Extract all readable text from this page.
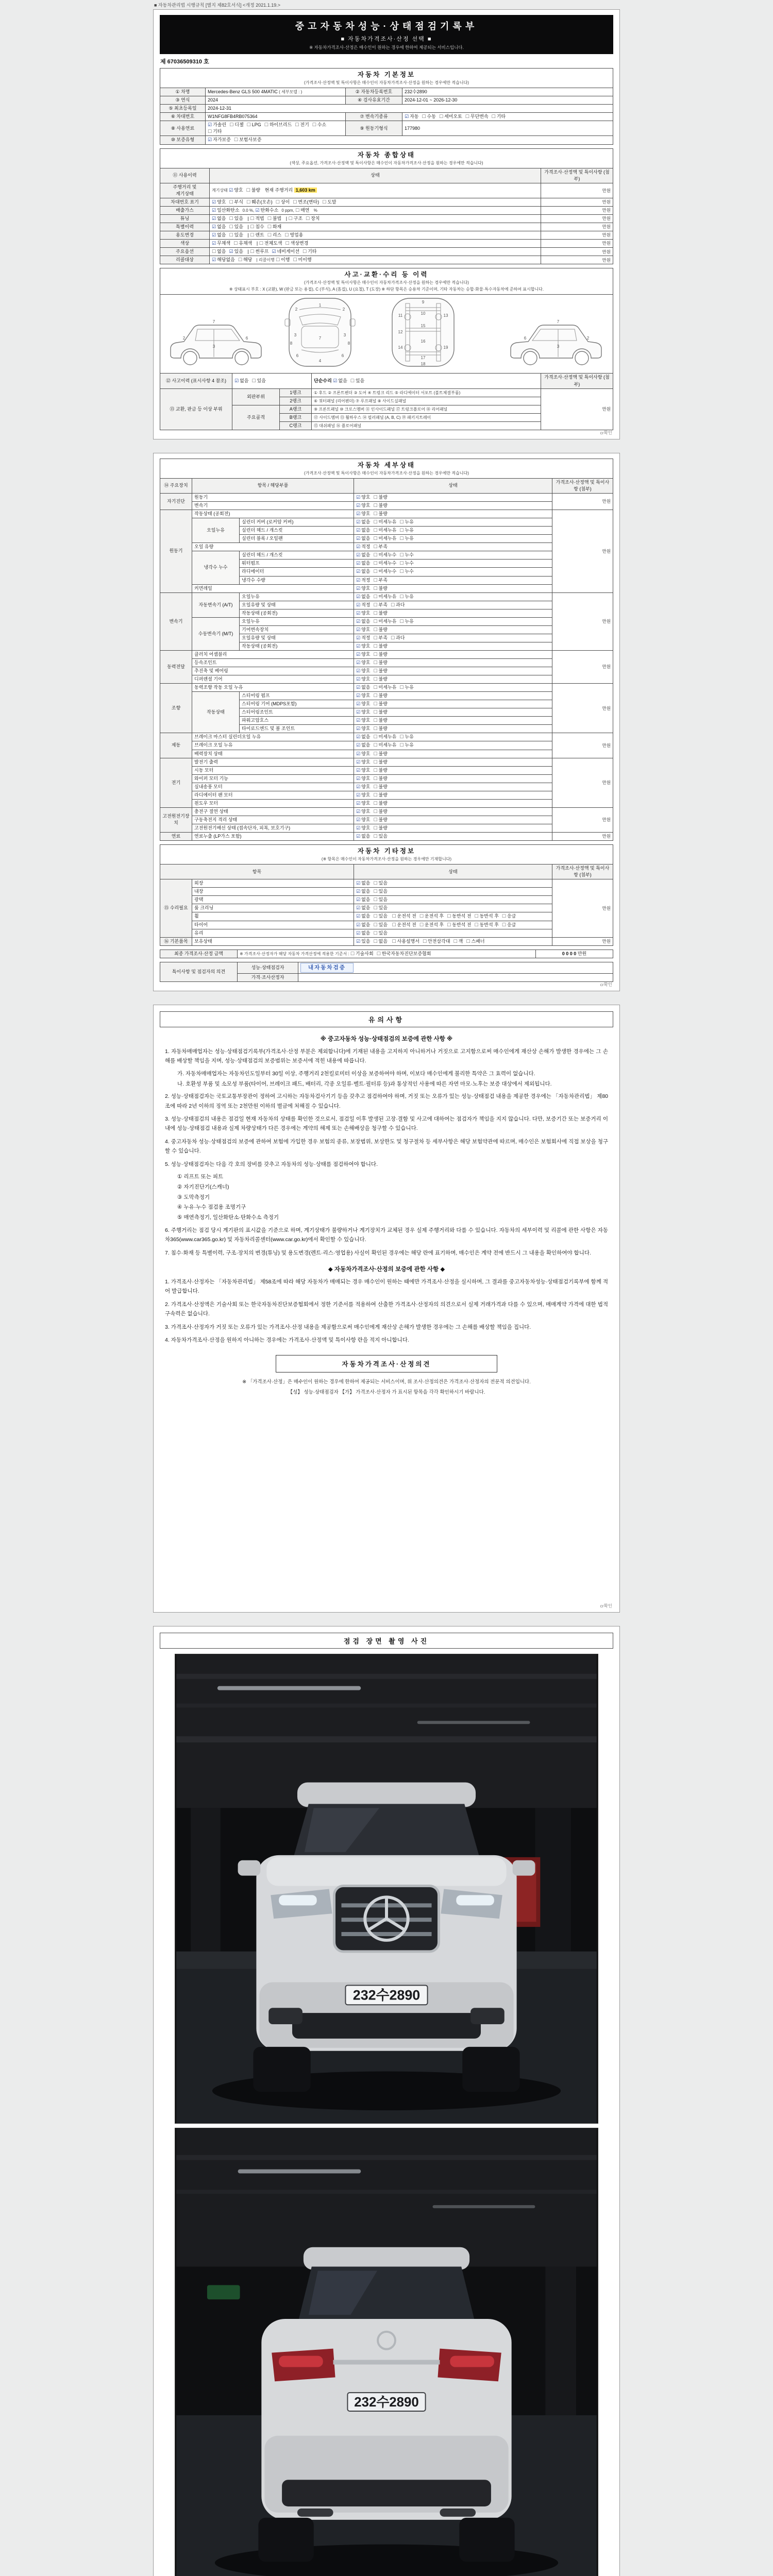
■ 자동차관리법 시행규칙 [별지 제82호서식] <개정 2021.1.19.>
중고자동차성능·상태점검기록부
■ 자동차가격조사·산정 선택 ■
※ 자동차가격조사·산정은 매수인이 원하는 경우에 한하여 제공되는 서비스입니다.
제 67036509310 호
자동차 기본정보
(가격조사·산정액 및 특이사항은 매수인이 자동차가격조사·산정을 원하는 경우에만 적습니다)			

① 차명	Mercedes-Benz GLS 500 4MATIC ( 세부모델 : )	② 자동차등록번호	232수2890

③ 연식	2024	④ 검사유효기간	2024-12-01 ~ 2026-12-30

⑤ 최초등록일	2024-12-31		

⑥ 차대번호	W1NFG8FB4RB075364	⑦ 변속기종류	☑ 자동 ☐ 수동 ☐ 세미오토 ☐ 무단변속 ☐ 기타

⑧ 사용연료	☑ 가솔린 ☐ 디젤 ☐ LPG ☐ 하이브리드 ☐ 전기 ☐ 수소☐ 기타	⑨ 원동기형식	177980

⑩ 보증유형	☑ 자가보증 ☐ 보험사보증		
자동차 종합상태
(색상, 주요옵션, 가격조사·산정액 및 특이사항은 매수인이 자동차가격조사·산정을 원하는 경우에만 적습니다)		

⑪ 사용이력	상태	가격조사·산정액 및 특이사항 (첨부)

주행거리 및
계기상태	계기상태 ☑ 양호 ☐ 불량 현재 주행거리 1,603 km	만원

차대번호 표기	☑ 양호 ☐ 부식 ☐ 훼손(오손) ☐ 상이 ☐ 변조(변타) ☐ 도말	만원

배출가스	☑ 일산화탄소 0.0 %, ☑ 탄화수소 0 ppm, ☐ 매연 %	만원

튜닝	☑ 없음 ☐ 있음 | ☐ 적법 ☐ 불법 | ☐ 구조 ☐ 장치	만원

특별이력	☑ 없음 ☐ 있음 | ☐ 침수 ☐ 화재	만원

용도변경	☑ 없음 ☐ 있음 | ☐ 렌트 ☐ 리스 ☐ 영업용	만원

색상	☑ 무채색 ☐ 유채색 | ☐ 전체도색 ☐ 색상변경	만원

주요옵션	☐ 없음 ☑ 있음 | ☐ 썬루프 ☑ 네비게이션 ☐ 기타	만원

리콜대상	☑ 해당없음 ☐ 해당 | 리콜이행 ☐ 이행 ☐ 미이행	만원
사고·교환·수리 등 이력
(가격조사·산정액 및 특이사항은 매수인이 자동차가격조사·산정을 원하는 경우에만 적습니다)
※ 상태표시 부호 : X (교환), W (판금 또는 용접), C (부식), A (흠집), U (요철), T (도장) ※ 하단 항목은 승용차 기준이며, 기타 자동차는 승합·화물·특수자동차에 준하여 표시합니다.				

2
3
7
6
1
2	2
3	3
7
6	6
4
8	8
9
10
11
12
13
14
15
16
17
18
19
2
3
7
6

⑫ 사고이력 (표시사항 4 참조)	☑ 없음 ☐ 있음		단순수리 ☑ 없음 ☐ 있음	가격조사·산정액 및 특이사항 (첨부)

⑬ 교환, 판금 등 이상 부위	외판부위	1랭크	① 후드 ② 프론트펜더 ③ 도어 ④ 트렁크 리드 ⑤ 라디에이터 서포트 (볼트체결부품)	만원

		2랭크	⑥ 쿼터패널 (리어펜더) ⑦ 루프패널 ⑧ 사이드실패널	

	주요골격	A랭크	⑨ 프론트패널 ⑩ 크로스멤버 ⑪ 인사이드패널 ⑰ 트렁크플로어 ⑱ 리어패널	

		B랭크	⑫ 사이드멤버 ⑬ 휠하우스 ⑭ 필러패널 (A, B, C) ⑲ 패키지트레이	

		C랭크	⑮ 대쉬패널 ⑯ 플로어패널	
cr확인
자동차 세부상태
(가격조사·산정액 및 특이사항은 매수인이 자동차가격조사·산정을 원하는 경우에만 적습니다)				

⑭ 주요장치	항목 / 해당부품		상태	가격조사·산정액 및 특이사항 (첨부)

자기진단	원동기		☑ 양호 ☐ 불량	만원

	변속기		☑ 양호 ☐ 불량	

원동기	작동상태 (공회전)		☑ 양호 ☐ 불량	만원

	오일누유	실린더 커버 (로커암 커버)	☑ 없음 ☐ 미세누유 ☐ 누유	

		실린더 헤드 / 개스킷	☑ 없음 ☐ 미세누유 ☐ 누유	

		실린더 블록 / 오일팬	☑ 없음 ☐ 미세누유 ☐ 누유	

	오일 유량		☑ 적정 ☐ 부족	

	냉각수 누수	실린더 헤드 / 개스킷	☑ 없음 ☐ 미세누수 ☐ 누수	

		워터펌프	☑ 없음 ☐ 미세누수 ☐ 누수	

		라디에이터	☑ 없음 ☐ 미세누수 ☐ 누수	

		냉각수 수량	☑ 적정 ☐ 부족	

	커먼레일		☑ 양호 ☐ 불량	

변속기	자동변속기 (A/T)	오일누유	☑ 없음 ☐ 미세누유 ☐ 누유	만원

		오일유량 및 상태	☑ 적정 ☐ 부족 ☐ 과다	

		작동상태 (공회전)	☑ 양호 ☐ 불량	

	수동변속기 (M/T)	오일누유	☑ 없음 ☐ 미세누유 ☐ 누유	

		기어변속장치	☑ 양호 ☐ 불량	

		오일유량 및 상태	☑ 적정 ☐ 부족 ☐ 과다	

		작동상태 (공회전)	☑ 양호 ☐ 불량	

동력전달	클러치 어셈블리		☑ 양호 ☐ 불량	만원

	등속조인트		☑ 양호 ☐ 불량	

	추진축 및 베어링		☑ 양호 ☐ 불량	

	디퍼렌셜 기어		☑ 양호 ☐ 불량	

조향	동력조향 작동 오일 누유		☑ 없음 ☐ 미세누유 ☐ 누유	만원

	작동상태	스티어링 펌프	☑ 양호 ☐ 불량	

		스티어링 기어 (MDPS포함)	☑ 양호 ☐ 불량	

		스티어링조인트	☑ 양호 ☐ 불량	

		파워고압호스	☑ 양호 ☐ 불량	

		타이로드엔드 및 볼 조인트	☑ 양호 ☐ 불량	

제동	브레이크 마스터 실린더오일 누유		☑ 없음 ☐ 미세누유 ☐ 누유	만원

	브레이크 오일 누유		☑ 없음 ☐ 미세누유 ☐ 누유	

	배력장치 상태		☑ 양호 ☐ 불량	

전기	발전기 출력		☑ 양호 ☐ 불량	만원

	시동 모터		☑ 양호 ☐ 불량	

	와이퍼 모터 기능		☑ 양호 ☐ 불량	

	실내송풍 모터		☑ 양호 ☐ 불량	

	라디에이터 팬 모터		☑ 양호 ☐ 불량	

	윈도우 모터		☑ 양호 ☐ 불량	

고전원전기장치	충전구 절연 상태		☑ 양호 ☐ 불량	만원

	구동축전지 격리 상태		☑ 양호 ☐ 불량	

	고전원전기배선 상태 (접속단자, 피복, 보호기구)		☑ 양호 ☐ 불량	

연료	연료누출 (LP가스 포함)		☑ 없음 ☐ 있음	만원
자동차 기타정보
(※ 항목은 매수인이 자동차가격조사·산정을 원하는 경우에만 기재합니다)			

항목		상태	가격조사·산정액 및 특이사항 (첨부)

⑮ 수리필요	외장	☑ 없음 ☐ 있음	만원

	내장	☑ 없음 ☐ 있음	

	광택	☑ 없음 ☐ 있음	

	룸 크리닝	☑ 없음 ☐ 있음	

	휠	☑ 없음 ☐ 있음 ☐ 운전석 전 ☐ 운전석 후 ☐ 동반석 전 ☐ 동반석 후 ☐ 응급	

	타이어	☑ 없음 ☐ 있음 ☐ 운전석 전 ☐ 운전석 후 ☐ 동반석 전 ☐ 동반석 후 ☐ 응급	

	유리	☑ 없음 ☐ 있음	

⑯ 기본품목	보유상태	☑ 있음 ☐ 없음 ☐ 사용설명서 ☐ 안전삼각대 ☐ 잭 ☐ 스패너	만원
최종 가격조사·산정 금액	※ 가격조사·산정자가 해당 자동차 가격산정에 적용한 기준서 : ☐ 기술사회 ☐ 한국자동차진단보증협회	0 0 0 0 만원
특이사항 및 점검자의 의견	성능·상태점검자	내자동차검증

	가격·조사산정자	

cr확인
유의사항
※ 중고자동차 성능·상태점검의 보증에 관한 사항 ※
1. 자동차매매업자는 성능·상태점검기록부(가격조사·산정 부분은 제외합니다)에 기재된 내용을 고지하지 아니하거나 거짓으로 고지함으로써 매수인에게 재산상 손해가 발생한 경우에는 그 손해를 배상할 책임을 지며, 성능·상태점검의 보증범위는 보증서에 적힌 내용에 따릅니다.
가. 자동차매매업자는 자동차인도일부터 30일 이상, 주행거리 2천킬로미터 이상을 보증하여야 하며, 이보다 매수인에게 불리한 특약은 그 효력이 없습니다.
나. 호환성 부품 및 소모성 부품(타이어, 브레이크 패드, 배터리, 각종 오일류·벨트·필터류 등)과 통상적인 사용에 따른 자연 마모·노후는 보증 대상에서 제외됩니다.
2. 성능·상태점검자는 국토교통부장관이 정하여 고시하는 자동차검사기기 등을 갖추고 점검하여야 하며, 거짓 또는 오류가 있는 성능·상태점검 내용을 제공한 경우에는 「자동차관리법」 제80조에 따라 2년 이하의 징역 또는 2천만원 이하의 벌금에 처해질 수 있습니다.
3. 성능·상태점검의 내용은 점검일 현재 자동차의 상태를 확인한 것으로서, 점검일 이후 발생된 고장·결함 및 사고에 대하여는 점검자가 책임을 지지 않습니다. 다만, 보증기간 또는 보증거리 이내에 성능·상태점검 내용과 실제 차량상태가 다른 경우에는 계약의 해제 또는 손해배상을 청구할 수 있습니다.
4. 중고자동차 성능·상태점검의 보증에 관하여 보험에 가입한 경우 보험의 종류, 보장범위, 보상한도 및 청구절차 등 세부사항은 해당 보험약관에 따르며, 매수인은 보험회사에 직접 보상을 청구할 수 있습니다.
5. 성능·상태점검자는 다음 각 호의 장비를 갖추고 자동차의 성능·상태를 점검하여야 합니다.
① 리프트 또는 피트
② 자기진단기(스캐너)
③ 도막측정기
④ 누유·누수 점검용 조명기구
⑤ 매연측정기, 일산화탄소·탄화수소 측정기
6. 주행거리는 점검 당시 계기판의 표시값을 기준으로 하며, 계기상태가 불량하거나 계기장치가 교체된 경우 실제 주행거리와 다를 수 있습니다. 자동차의 세부이력 및 리콜에 관한 사항은 자동차365(www.car365.go.kr) 및 자동차리콜센터(www.car.go.kr)에서 확인할 수 있습니다.
7. 침수·화재 등 특별이력, 구조·장치의 변경(튜닝) 및 용도변경(렌트·리스·영업용) 사실이 확인된 경우에는 해당 란에 표기하며, 매수인은 계약 전에 반드시 그 내용을 확인하여야 합니다.
◆ 자동차가격조사·산정의 보증에 관한 사항 ◆
1. 가격조사·산정자는 「자동차관리법」 제58조에 따라 해당 자동차가 매매되는 경우 매수인이 원하는 때에만 가격조사·산정을 실시하며, 그 결과를 중고자동차성능·상태점검기록부에 함께 적어 발급합니다.
2. 가격조사·산정액은 기술사회 또는 한국자동차진단보증협회에서 정한 기준서를 적용하여 산출한 가격조사·산정자의 의견으로서 실제 거래가격과 다를 수 있으며, 매매계약 가격에 대한 법적 구속력은 없습니다.
3. 가격조사·산정자가 거짓 또는 오류가 있는 가격조사·산정 내용을 제공함으로써 매수인에게 재산상 손해가 발생한 경우에는 그 손해를 배상할 책임을 집니다.
4. 자동차가격조사·산정을 원하지 아니하는 경우에는 가격조사·산정액 및 특이사항 란을 적지 아니합니다.
자동차가격조사·산정의견
※ 「가격조사·산정」은 매수인이 원하는 경우에 한하여 제공되는 서비스이며, 위 조사·산정의견은 가격조사·산정자의 전문적 의견입니다.
【성】 성능·상태점검자 【가】 가격조사·산정자 가 표시된 항목을 각각 확인하시기 바랍니다.
cr확인
점검 장면 촬영 사진
232수2890
232수2890
